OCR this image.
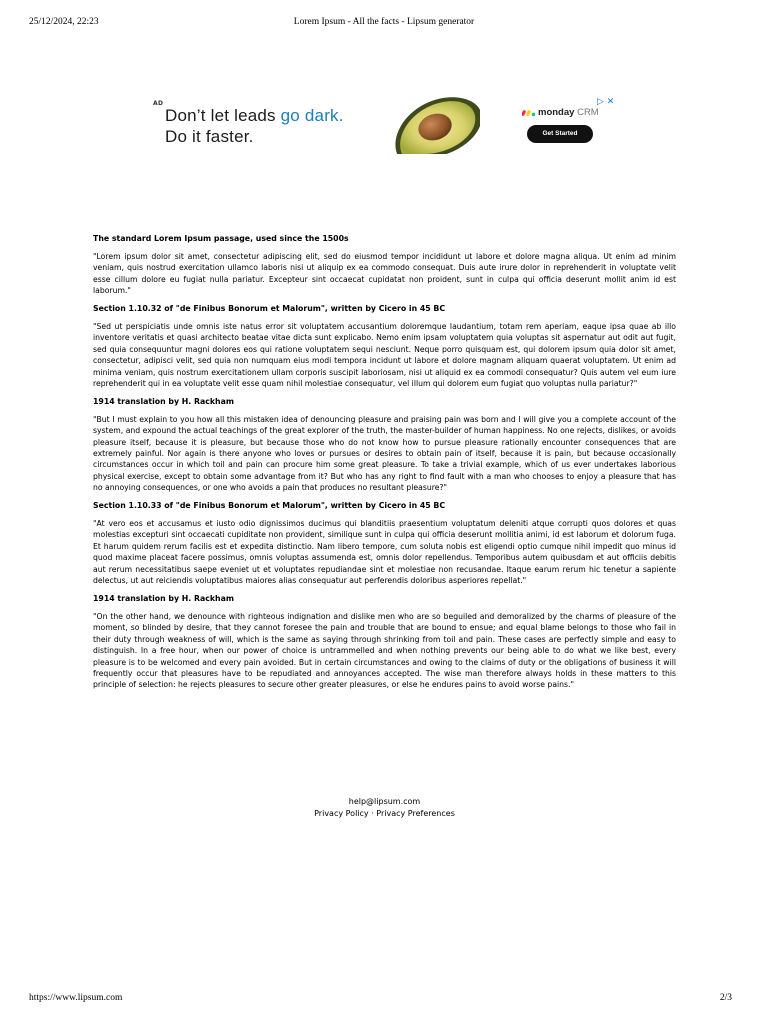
25/12/2024, 22:23	Lorem Ipsum - All the facts - Lipsum generator
AD
Don’t let leads go dark.
Do it faster.
▷ ✕
monday CRM
Get Started
The standard Lorem Ipsum passage, used since the 1500s

"Lorem ipsum dolor sit amet, consectetur adipiscing elit, sed do eiusmod tempor incididunt ut labore et dolore magna aliqua. Ut enim ad minim veniam, quis nostrud exercitation ullamco laboris nisi ut aliquip ex ea commodo consequat. Duis aute irure dolor in reprehenderit in voluptate velit esse cillum dolore eu fugiat nulla pariatur. Excepteur sint occaecat cupidatat non proident, sunt in culpa qui officia deserunt mollit anim id est laborum."

Section 1.10.32 of "de Finibus Bonorum et Malorum", written by Cicero in 45 BC

"Sed ut perspiciatis unde omnis iste natus error sit voluptatem accusantium doloremque laudantium, totam rem aperiam, eaque ipsa quae ab illo inventore veritatis et quasi architecto beatae vitae dicta sunt explicabo. Nemo enim ipsam voluptatem quia voluptas sit aspernatur aut odit aut fugit, sed quia consequuntur magni dolores eos qui ratione voluptatem sequi nesciunt. Neque porro quisquam est, qui dolorem ipsum quia dolor sit amet, consectetur, adipisci velit, sed quia non numquam eius modi tempora incidunt ut labore et dolore magnam aliquam quaerat voluptatem. Ut enim ad minima veniam, quis nostrum exercitationem ullam corporis suscipit laboriosam, nisi ut aliquid ex ea commodi consequatur? Quis autem vel eum iure reprehenderit qui in ea voluptate velit esse quam nihil molestiae consequatur, vel illum qui dolorem eum fugiat quo voluptas nulla pariatur?"

1914 translation by H. Rackham

"But I must explain to you how all this mistaken idea of denouncing pleasure and praising pain was born and I will give you a complete account of the system, and expound the actual teachings of the great explorer of the truth, the master-builder of human happiness. No one rejects, dislikes, or avoids pleasure itself, because it is pleasure, but because those who do not know how to pursue pleasure rationally encounter consequences that are extremely painful. Nor again is there anyone who loves or pursues or desires to obtain pain of itself, because it is pain, but because occasionally circumstances occur in which toil and pain can procure him some great pleasure. To take a trivial example, which of us ever undertakes laborious physical exercise, except to obtain some advantage from it? But who has any right to find fault with a man who chooses to enjoy a pleasure that has no annoying consequences, or one who avoids a pain that produces no resultant pleasure?"

Section 1.10.33 of "de Finibus Bonorum et Malorum", written by Cicero in 45 BC

"At vero eos et accusamus et iusto odio dignissimos ducimus qui blanditiis praesentium voluptatum deleniti atque corrupti quos dolores et quas molestias excepturi sint occaecati cupiditate non provident, similique sunt in culpa qui officia deserunt mollitia animi, id est laborum et dolorum fuga. Et harum quidem rerum facilis est et expedita distinctio. Nam libero tempore, cum soluta nobis est eligendi optio cumque nihil impedit quo minus id quod maxime placeat facere possimus, omnis voluptas assumenda est, omnis dolor repellendus. Temporibus autem quibusdam et aut officiis debitis aut rerum necessitatibus saepe eveniet ut et voluptates repudiandae sint et molestiae non recusandae. Itaque earum rerum hic tenetur a sapiente delectus, ut aut reiciendis voluptatibus maiores alias consequatur aut perferendis doloribus asperiores repellat."

1914 translation by H. Rackham

"On the other hand, we denounce with righteous indignation and dislike men who are so beguiled and demoralized by the charms of pleasure of the moment, so blinded by desire, that they cannot foresee the pain and trouble that are bound to ensue; and equal blame belongs to those who fail in their duty through weakness of will, which is the same as saying through shrinking from toil and pain. These cases are perfectly simple and easy to distinguish. In a free hour, when our power of choice is untrammelled and when nothing prevents our being able to do what we like best, every pleasure is to be welcomed and every pain avoided. But in certain circumstances and owing to the claims of duty or the obligations of business it will frequently occur that pleasures have to be repudiated and annoyances accepted. The wise man therefore always holds in these matters to this principle of selection: he rejects pleasures to secure other greater pleasures, or else he endures pains to avoid worse pains."

help@lipsum.com
Privacy Policy · Privacy Preferences
https://www.lipsum.com	2/3
